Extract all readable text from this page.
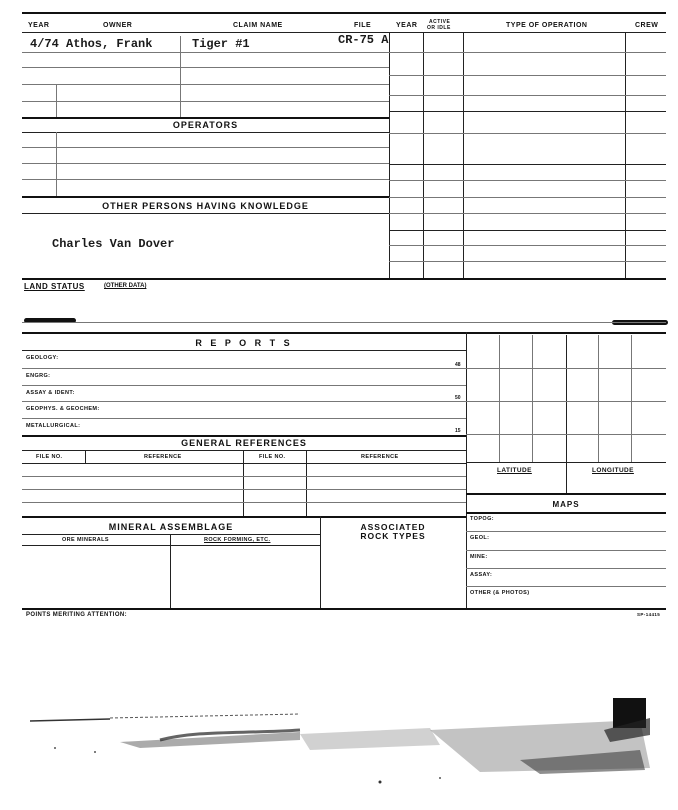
YEAR	OWNER	CLAIM NAME	FILE	YEAR ACTIVE
OR IDLE	TYPE OF OPERATION	CREW
4/74 Athos, Frank	Tiger #1	CR-75 A
OPERATORS
OTHER PERSONS HAVING KNOWLEDGE
Charles Van Dover
LAND STATUS	(OTHER DATA)
R E P O R T S
GEOLOGY:
48
ENGRG:
ASSAY & IDENT:
50
GEOPHYS. & GEOCHEM:
METALLURGICAL:
15
GENERAL REFERENCES
FILE NO.	REFERENCE	FILE NO.	REFERENCE
MINERAL ASSEMBLAGE	ASSOCIATED
ROCK TYPES
ORE MINERALS	ROCK FORMING, ETC.
LATITUDE	LONGITUDE
MAPS
TOPOG:
GEOL:
MINE:
ASSAY:
OTHER (& PHOTOS)
POINTS MERITING ATTENTION:	SP-14415
